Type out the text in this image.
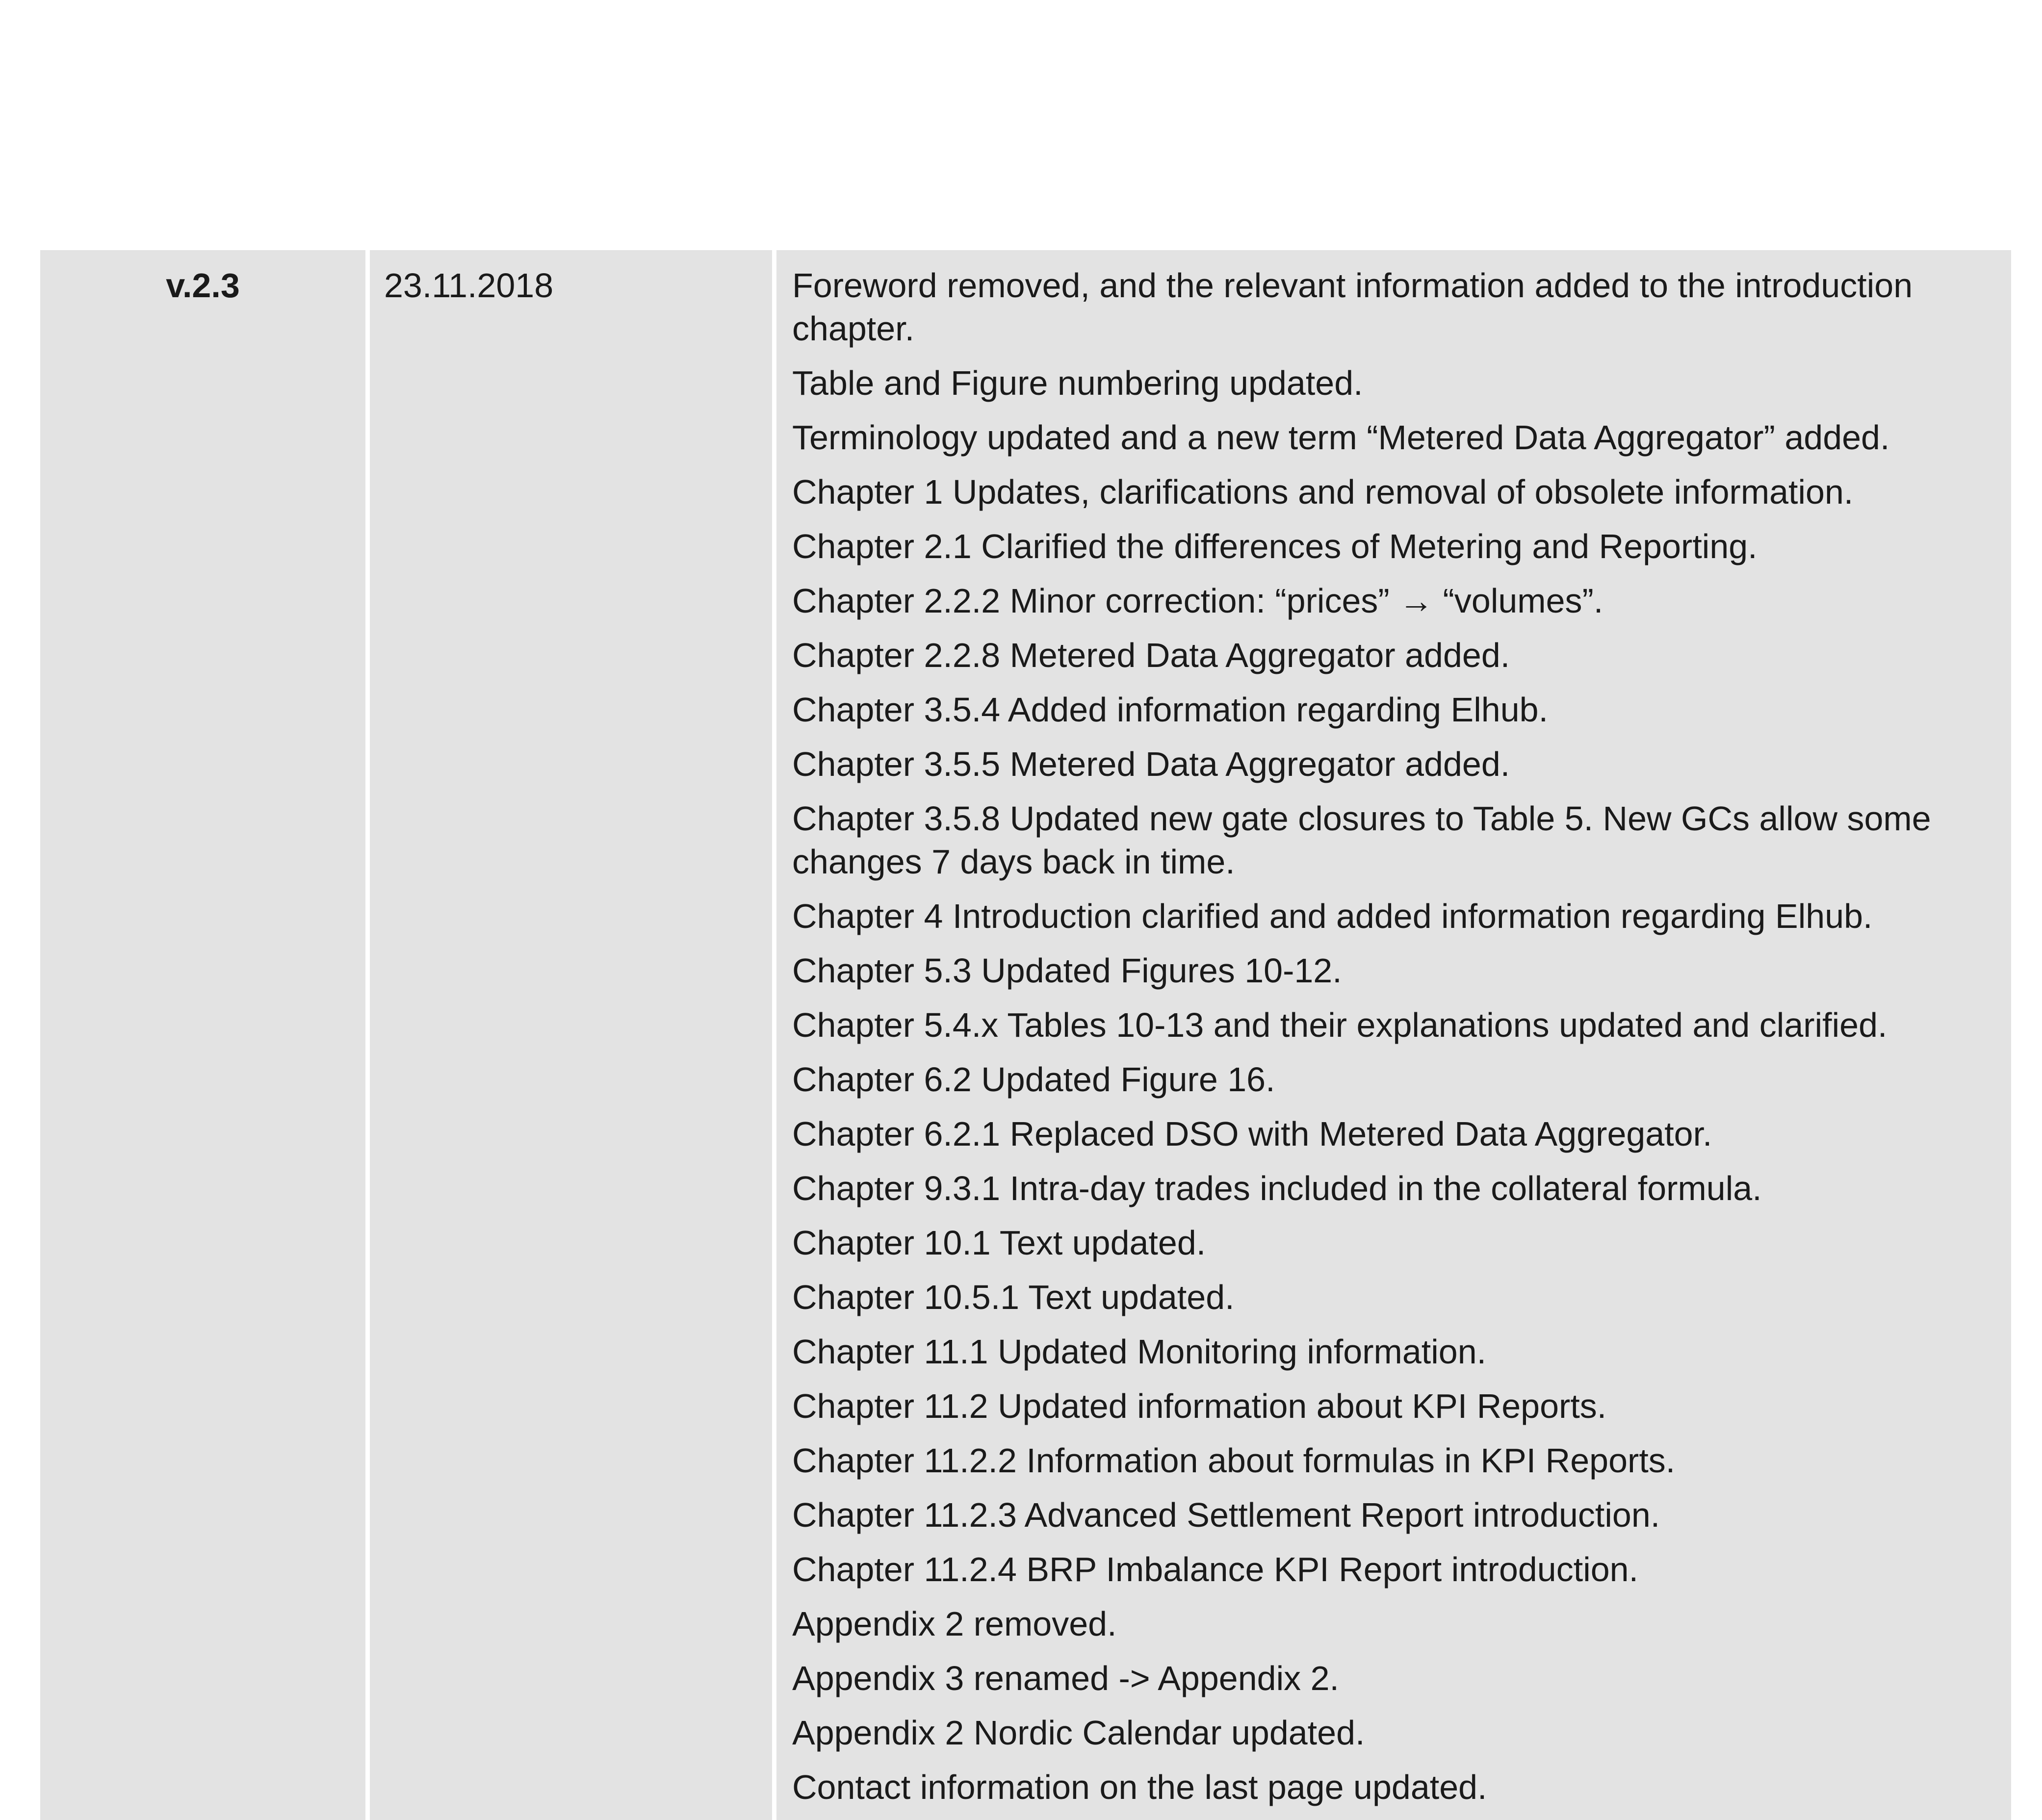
v.2.3	23.11.2018	Foreword removed, and the relevant information added to the introduction chapter.
Table and Figure numbering updated.
Terminology updated and a new term “Metered Data Aggregator” added.
Chapter 1 Updates, clarifications and removal of obsolete information.
Chapter 2.1 Clarified the differences of Metering and Reporting.
Chapter 2.2.2 Minor correction: “prices” → “volumes”.
Chapter 2.2.8 Metered Data Aggregator added.
Chapter 3.5.4 Added information regarding Elhub.
Chapter 3.5.5 Metered Data Aggregator added.
Chapter 3.5.8 Updated new gate closures to Table 5. New GCs allow some changes 7 days back in time.
Chapter 4 Introduction clarified and added information regarding Elhub.
Chapter 5.3 Updated Figures 10-12.
Chapter 5.4.x Tables 10-13 and their explanations updated and clarified.
Chapter 6.2 Updated Figure 16.
Chapter 6.2.1 Replaced DSO with Metered Data Aggregator.
Chapter 9.3.1 Intra-day trades included in the collateral formula.
Chapter 10.1 Text updated.
Chapter 10.5.1 Text updated.
Chapter 11.1 Updated Monitoring information.
Chapter 11.2 Updated information about KPI Reports.
Chapter 11.2.2 Information about formulas in KPI Reports.
Chapter 11.2.3 Advanced Settlement Report introduction.
Chapter 11.2.4 BRP Imbalance KPI Report introduction.
Appendix 2 removed.
Appendix 3 renamed -> Appendix 2.
Appendix 2 Nordic Calendar updated.
Contact information on the last page updated.
